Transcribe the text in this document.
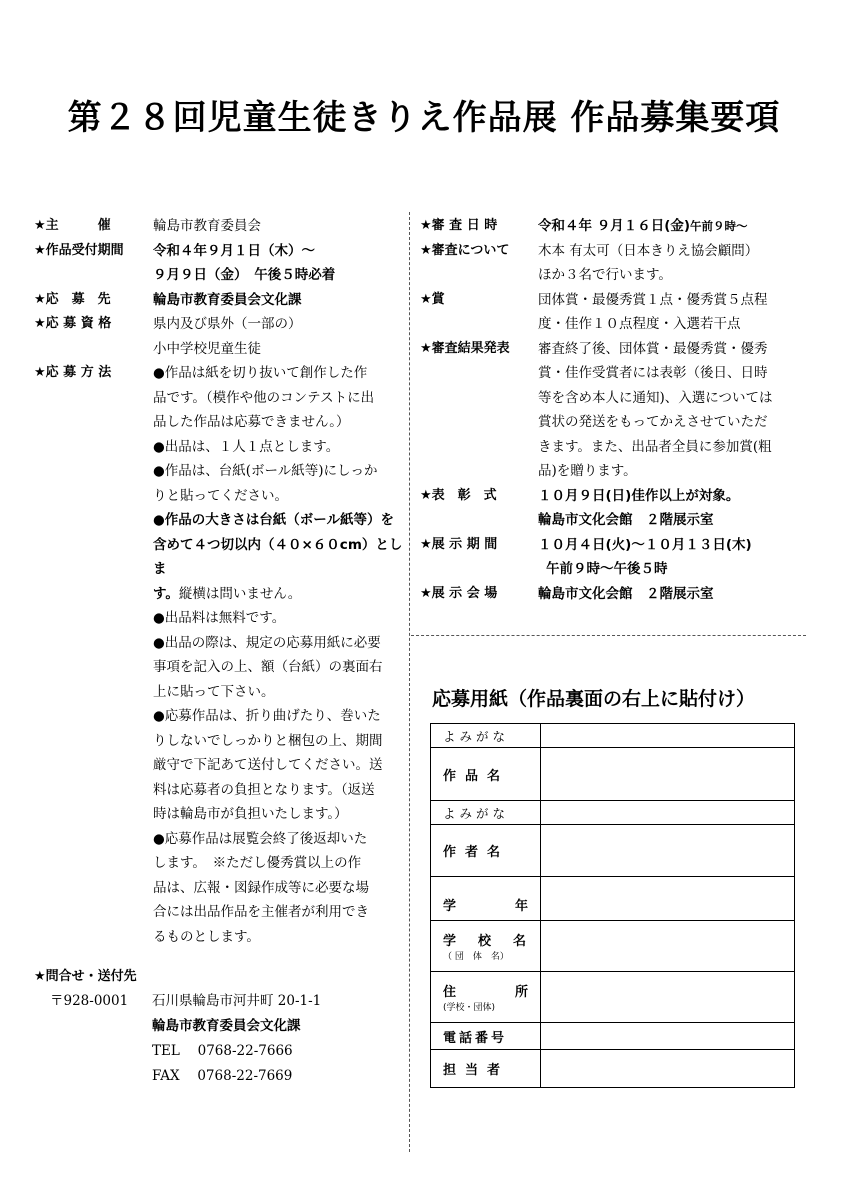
第２８回児童生徒きりえ作品展 作品募集要項
★主　　　催	輪島市教育委員会
★作品受付期間	令和４年９月１日（木）～

９月９日（金）　午後５時必着

★応　募　先	輪島市教育委員会文化課
★応 募 資 格	県内及び県外（一部の）

小中学校児童生徒

★応 募 方 法	●作品は紙を切り抜いて創作した作

品です。（模作や他のコンテストに出

品した作品は応募できません。）

●出品は、１人１点とします。

●作品は、台紙(ボール紙等)にしっか

りと貼ってください。

●作品の大きさは台紙（ボール紙等）を

含めて４つ切以内（４０×６０cm）としま

す。縦横は問いません。

●出品料は無料です。

●出品の際は、規定の応募用紙に必要

事項を記入の上、額（台紙）の裏面右

上に貼って下さい。

●応募作品は、折り曲げたり、巻いた

りしないでしっかりと梱包の上、期間

厳守で下記あて送付してください。送

料は応募者の負担となります。（返送

時は輪島市が負担いたします。）

●応募作品は展覧会終了後返却いた

します。　※ただし優秀賞以上の作

品は、広報・図録作成等に必要な場

合には出品作品を主催者が利用でき

るものとします。

★問合せ・送付先
〒928-0001	石川県輪島市河井町 20-1-1
輪島市教育委員会文化課
TEL　 0768-22-7666
FAX　 0768-22-7669
★審 査 日 時	令和４年 ９月１６日(金)午前９時～
★審査について	木本 有太可（日本きりえ協会顧問）

ほか３名で行います。

★賞	団体賞・最優秀賞１点・優秀賞５点程

度・佳作１０点程度・入選若干点

★審査結果発表	審査終了後、団体賞・最優秀賞・優秀

賞・佳作受賞者には表彰（後日、日時

等を含め本人に通知)、入選については

賞状の発送をもってかえさせていただ

きます。また、出品者全員に参加賞(粗

品)を贈ります。

★表　彰　式	１０月９日(日)佳作以上が対象。

輪島市文化会館　２階展示室

★展 示 期 間	１０月４日(火)～１０月１３日(木)

午前９時～午後５時

★展 示 会 場	輪島市文化会館　２階展示室
応募用紙（作品裏面の右上に貼付け）
よみがな	
作品名	
よみがな	
作者名	

学 年	

学 校 名
（ 団　体　名）	

住 所
(学校・団体)	

電話番号	
担当者	
